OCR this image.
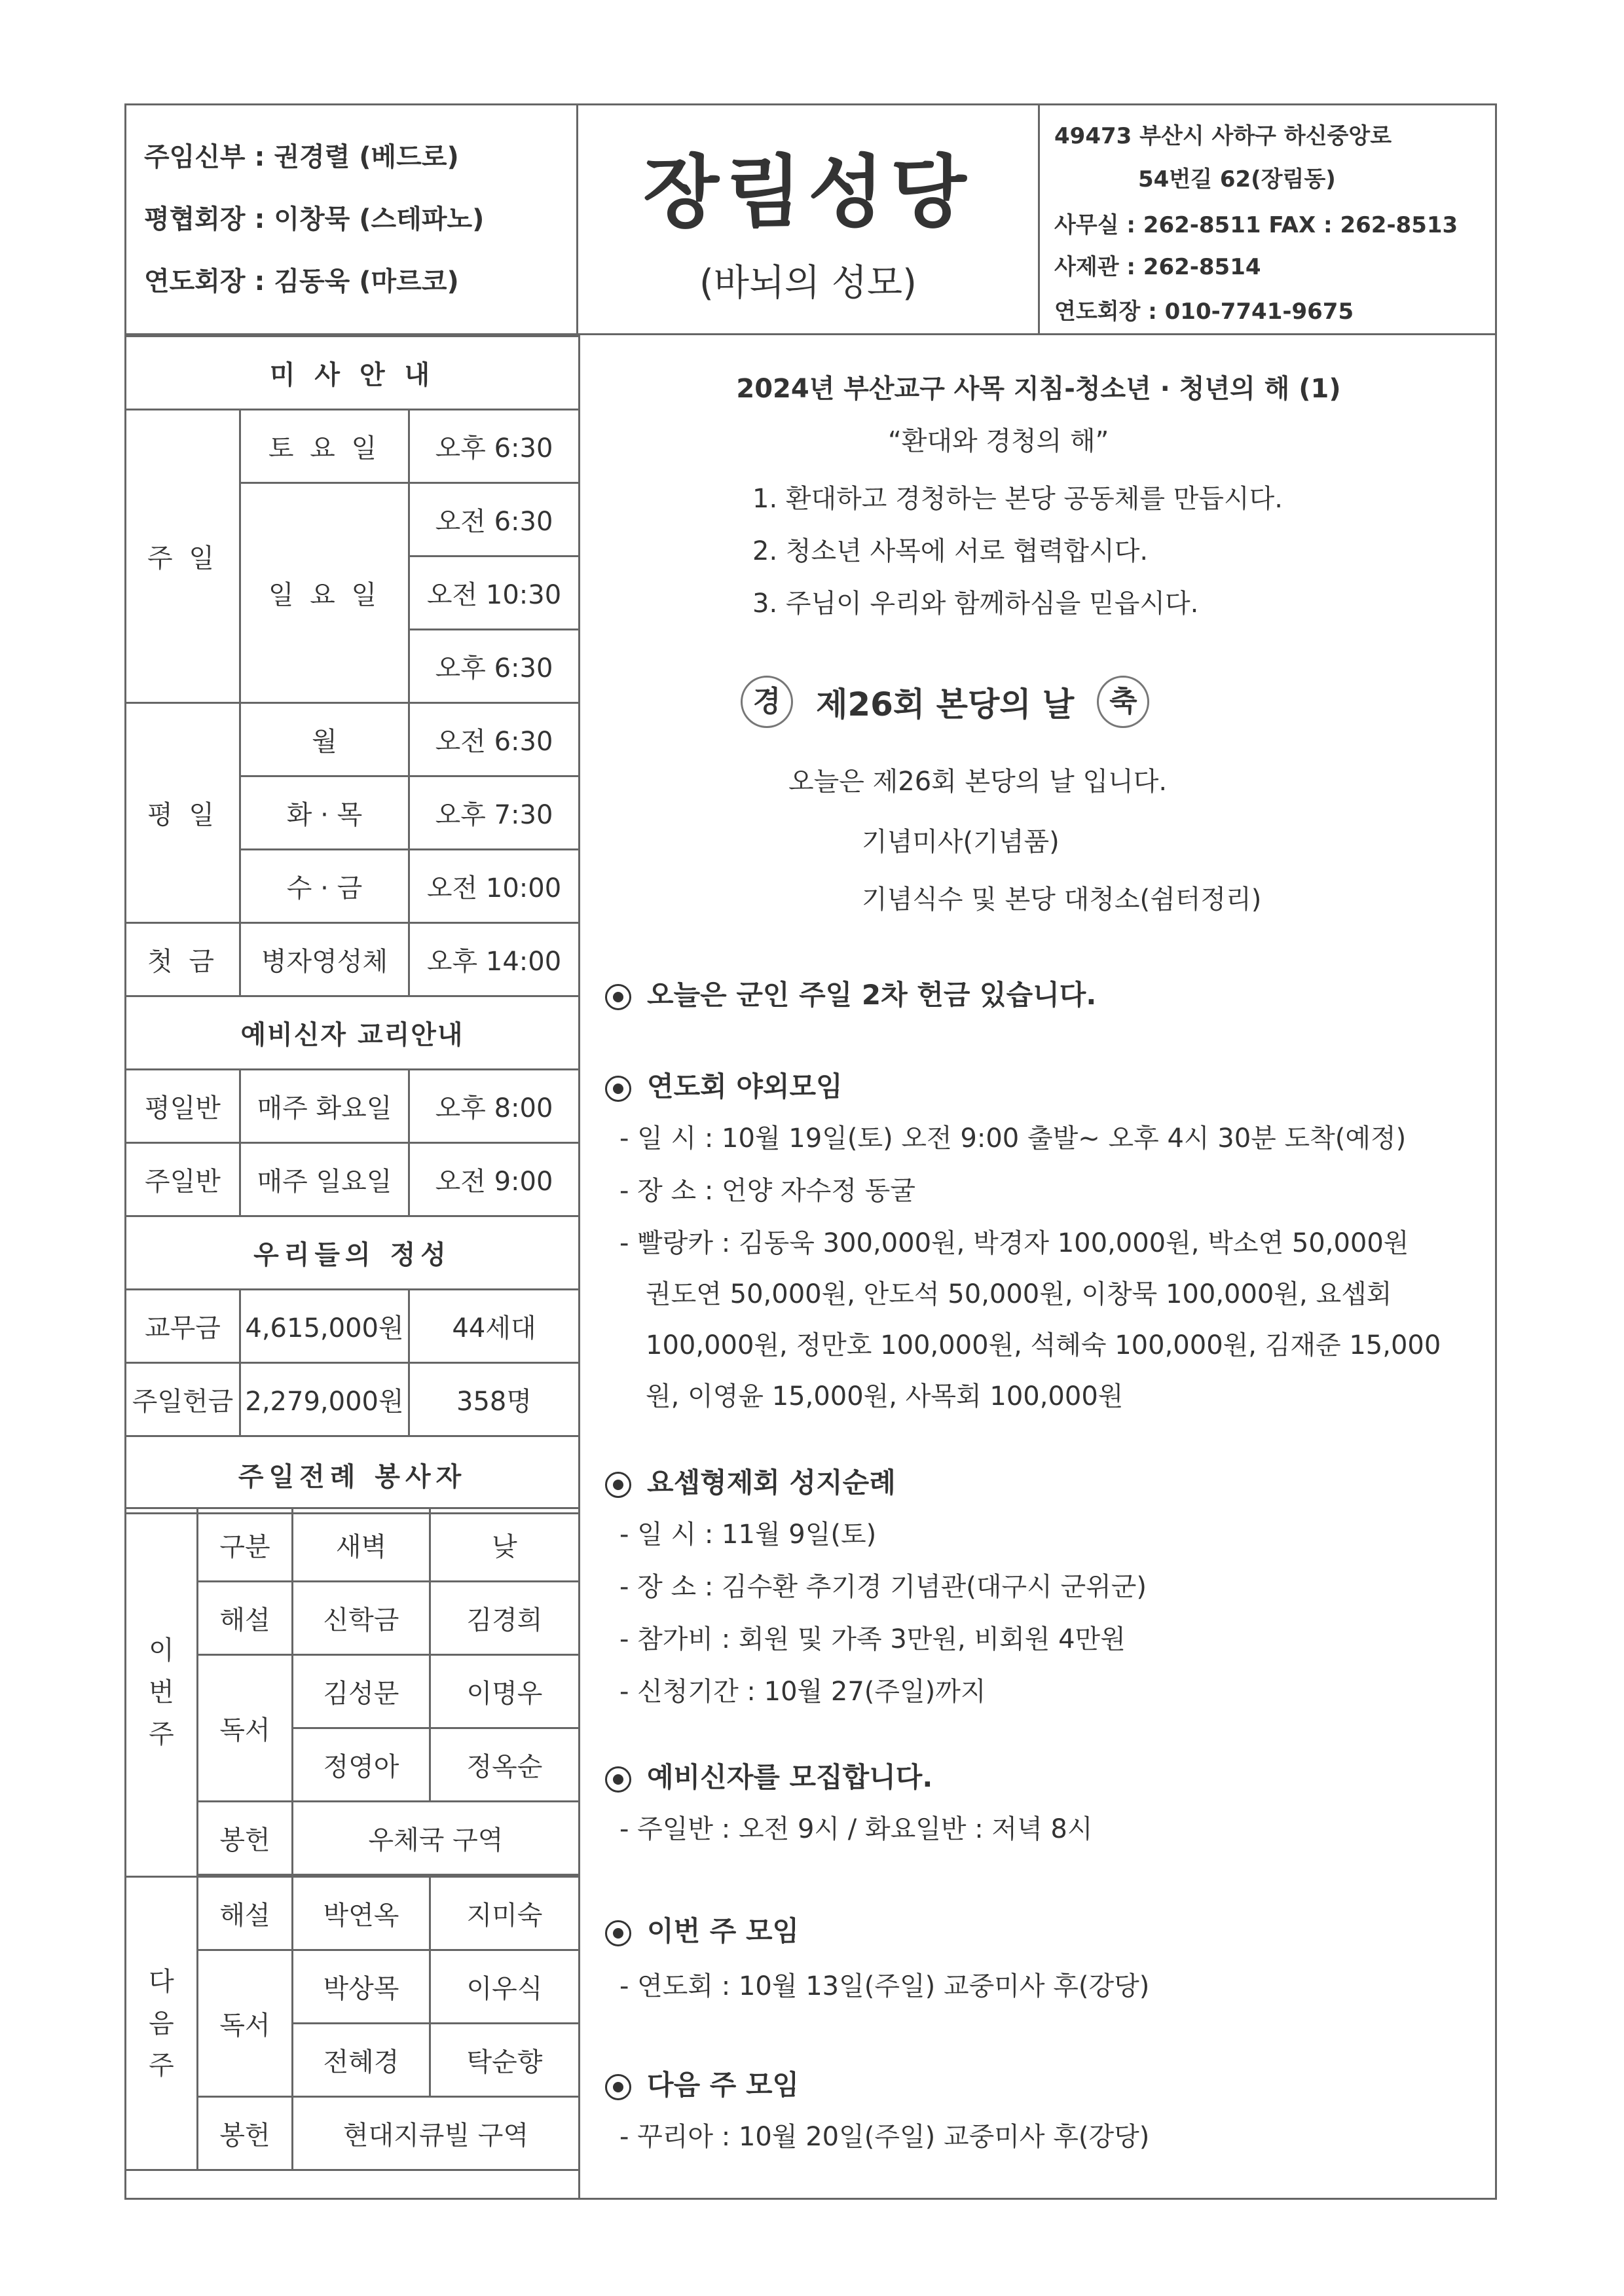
주임신부 : 권경렬 (베드로)
평협회장 : 이창묵 (스테파노)
연도회장 : 김동욱 (마르코)
장림성당
(바뇌의 성모)
49473 부산시 사하구 하신중앙로
54번길 62(장림동)
사무실 : 262-8511 FAX : 262-8513
사제관 : 262-8514
연도회장 : 010-7741-9675
미 사 안 내		
주 일	토 요 일	오후 6:30
	일 요 일	오전 6:30
		오전 10:30
		오후 6:30
평 일	월	오전 6:30
	화 · 목	오후 7:30
	수 · 금	오전 10:00
첫 금	병자영성체	오후 14:00
예비신자 교리안내		
평일반	매주 화요일	오후 8:00
주일반	매주 일요일	오전 9:00
우리들의 정성		
교무금	4,615,000원	44세대
주일헌금	2,279,000원	358명
주일전례 봉사자		
이
번
주	구분	새벽	낮
	해설	신학금	김경희
	독서	김성문	이명우
		정영아	정옥순
	봉헌	우체국 구역	

다
음
주	해설	박연옥	지미숙
	독서	박상목	이우식
		전혜경	탁순향
	봉헌	현대지큐빌 구역	
2024년 부산교구 사목 지침-청소년 · 청년의 해 (1)
“환대와 경청의 해”
1. 환대하고 경청하는 본당 공동체를 만듭시다.
2. 청소년 사목에 서로 협력합시다.
3. 주님이 우리와 함께하심을 믿읍시다.
경 제26회 본당의 날 축
오늘은 제26회 본당의 날 입니다.
기념미사(기념품)
기념식수 및 본당 대청소(쉼터정리)
오늘은 군인 주일 2차 헌금 있습니다.
연도회 야외모임
- 일 시 : 10월 19일(토) 오전 9:00 출발~ 오후 4시 30분 도착(예정)
- 장 소 : 언양 자수정 동굴
- 빨랑카 : 김동욱 300,000원, 박경자 100,000원, 박소연 50,000원
권도연 50,000원, 안도석 50,000원, 이창묵 100,000원, 요셉회
100,000원, 정만호 100,000원, 석혜숙 100,000원, 김재준 15,000
원, 이영윤 15,000원, 사목회 100,000원
요셉형제회 성지순례
- 일 시 : 11월 9일(토)
- 장 소 : 김수환 추기경 기념관(대구시 군위군)
- 참가비 : 회원 및 가족 3만원, 비회원 4만원
- 신청기간 : 10월 27(주일)까지
예비신자를 모집합니다.
- 주일반 : 오전 9시 / 화요일반 : 저녁 8시
이번 주 모임
- 연도회 : 10월 13일(주일) 교중미사 후(강당)
다음 주 모임
- 꾸리아 : 10월 20일(주일) 교중미사 후(강당)
